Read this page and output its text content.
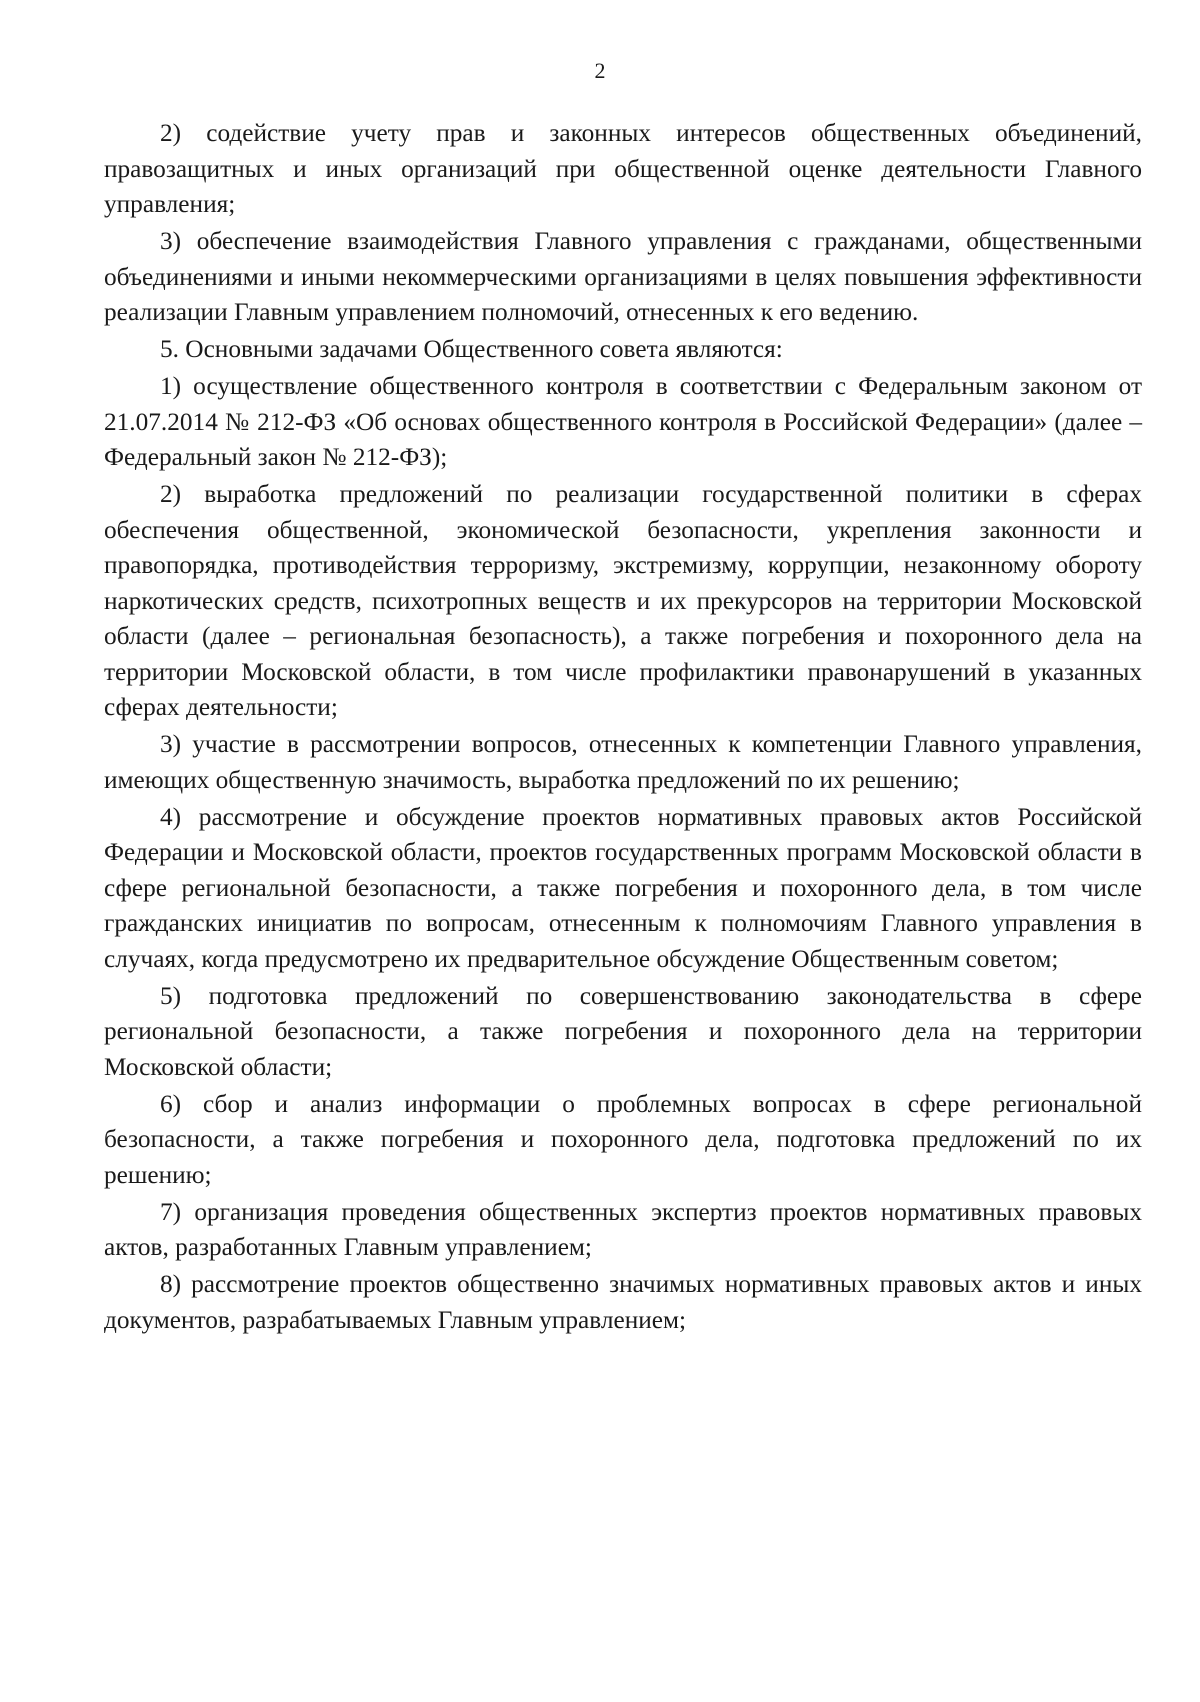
2

2) содействие учету прав и законных интересов общественных объединений, правозащитных и иных организаций при общественной оценке деятельности Главного управления;

3) обеспечение взаимодействия Главного управления с гражданами, общественными объединениями и иными некоммерческими организациями в целях повышения эффективности реализации Главным управлением полномочий, отнесенных к его ведению.

5. Основными задачами Общественного совета являются:

1) осуществление общественного контроля в соответствии с Федеральным законом от 21.07.2014 № 212-ФЗ «Об основах общественного контроля в Российской Федерации» (далее – Федеральный закон № 212-ФЗ);

2) выработка предложений по реализации государственной политики в сферах обеспечения общественной, экономической безопасности, укрепления законности и правопорядка, противодействия терроризму, экстремизму, коррупции, незаконному обороту наркотических средств, психотропных веществ и их прекурсоров на территории Московской области (далее – региональная безопасность), а также погребения и похоронного дела на территории Московской области, в том числе профилактики правонарушений в указанных сферах деятельности;

3) участие в рассмотрении вопросов, отнесенных к компетенции Главного управления, имеющих общественную значимость, выработка предложений по их решению;

4) рассмотрение и обсуждение проектов нормативных правовых актов Российской Федерации и Московской области, проектов государственных программ Московской области в сфере региональной безопасности, а также погребения и похоронного дела, в том числе гражданских инициатив по вопросам, отнесенным к полномочиям Главного управления в случаях, когда предусмотрено их предварительное обсуждение Общественным советом;

5) подготовка предложений по совершенствованию законодательства в сфере региональной безопасности, а также погребения и похоронного дела на территории Московской области;

6) сбор и анализ информации о проблемных вопросах в сфере региональной безопасности, а также погребения и похоронного дела, подготовка предложений по их решению;

7) организация проведения общественных экспертиз проектов нормативных правовых актов, разработанных Главным управлением;

8) рассмотрение проектов общественно значимых нормативных правовых актов и иных документов, разрабатываемых Главным управлением;
